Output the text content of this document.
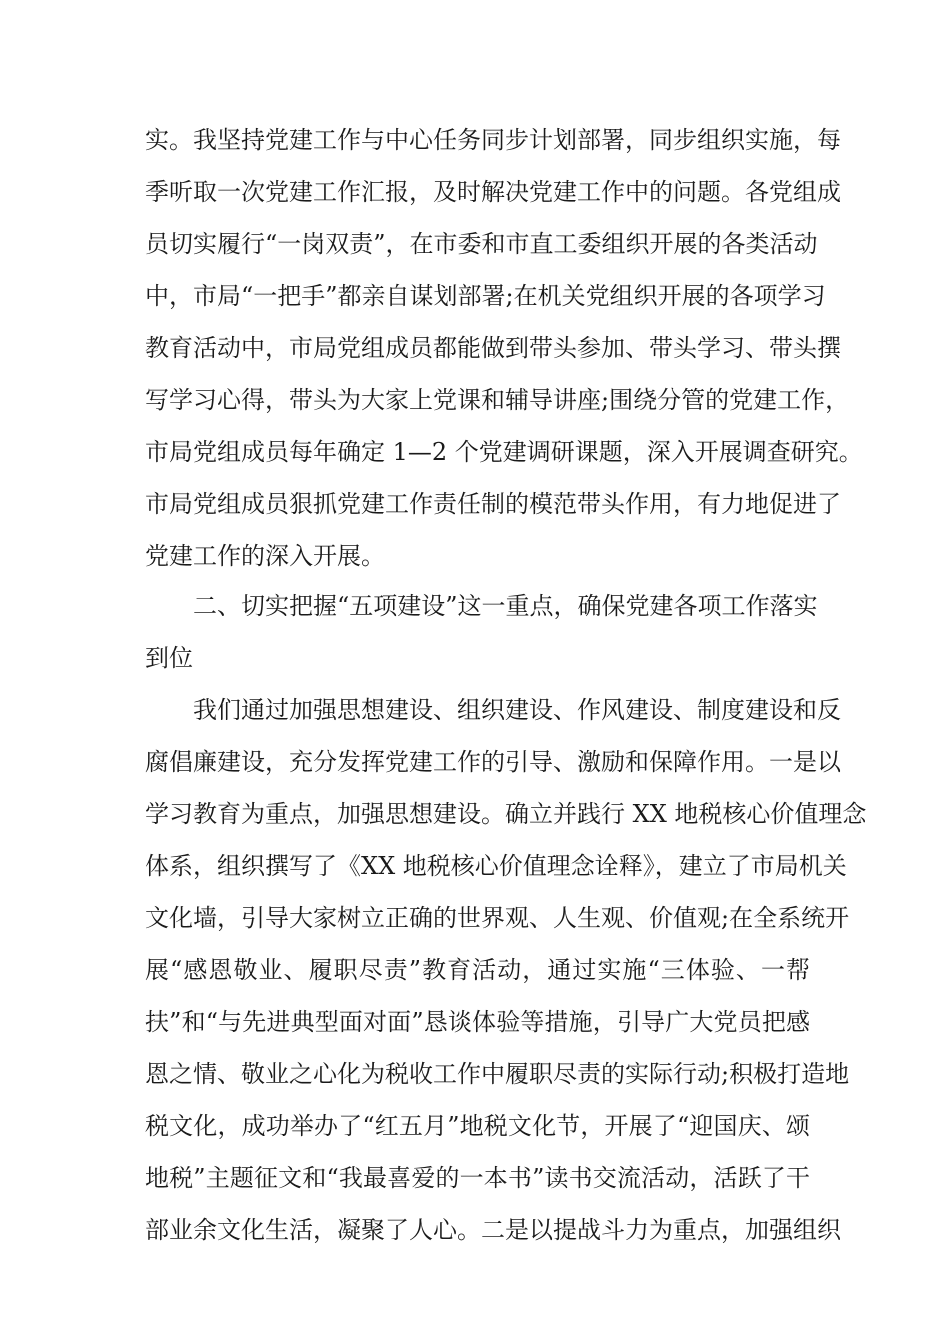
实。我坚持党建工作与中心任务同步计划部署，同步组织实施，每
季听取一次党建工作汇报，及时解决党建工作中的问题。各党组成
员切实履行“一岗双责”，在市委和市直工委组织开展的各类活动
中，市局“一把手”都亲自谋划部署;在机关党组织开展的各项学习
教育活动中，市局党组成员都能做到带头参加、带头学习、带头撰
写学习心得，带头为大家上党课和辅导讲座;围绕分管的党建工作，
市局党组成员每年确定 1—2 个党建调研课题，深入开展调查研究。
市局党组成员狠抓党建工作责任制的模范带头作用，有力地促进了
党建工作的深入开展。
二、切实把握“五项建设”这一重点，确保党建各项工作落实
到位
我们通过加强思想建设、组织建设、作风建设、制度建设和反
腐倡廉建设，充分发挥党建工作的引导、激励和保障作用。一是以
学习教育为重点，加强思想建设。确立并践行 XX 地税核心价值理念
体系，组织撰写了《XX 地税核心价值理念诠释》，建立了市局机关
文化墙，引导大家树立正确的世界观、人生观、价值观;在全系统开
展“感恩敬业、履职尽责”教育活动，通过实施“三体验、一帮
扶”和“与先进典型面对面”恳谈体验等措施，引导广大党员把感
恩之情、敬业之心化为税收工作中履职尽责的实际行动;积极打造地
税文化，成功举办了“红五月”地税文化节，开展了“迎国庆、颂
地税”主题征文和“我最喜爱的一本书”读书交流活动，活跃了干
部业余文化生活，凝聚了人心。二是以提战斗力为重点，加强组织
